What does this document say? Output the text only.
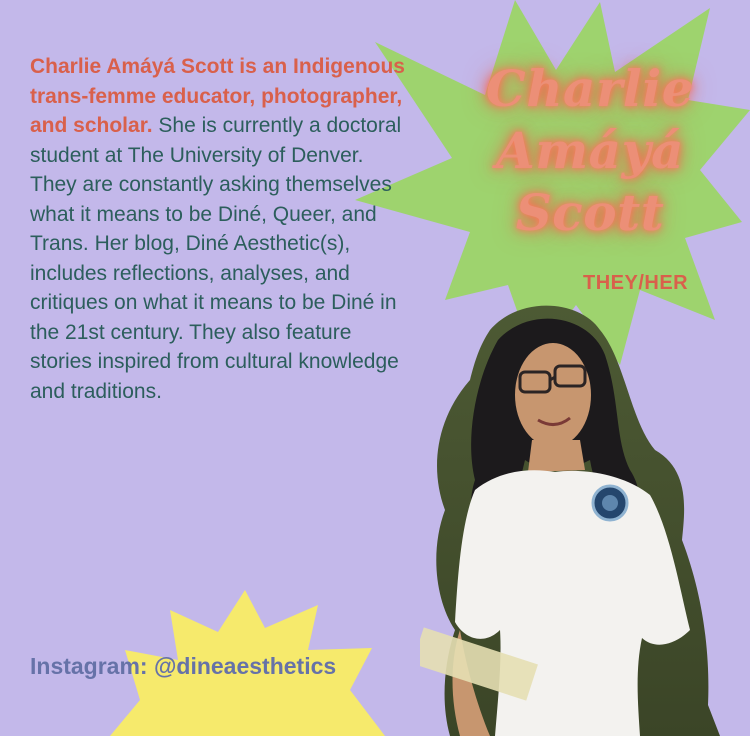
Charlie Amáyá Scott is an Indigenous trans-femme educator, photographer, and scholar. She is currently a doctoral student at The University of Denver. They are constantly asking themselves what it means to be Diné, Queer, and Trans. Her blog, Diné Aesthetic(s), includes reflections, analyses, and critiques on what it means to be Diné in the 21st century. They also feature stories inspired from cultural knowledge and traditions.

Charlie
Amáyá
Scott
THEY/HER
Instagram: @dineaesthetics
